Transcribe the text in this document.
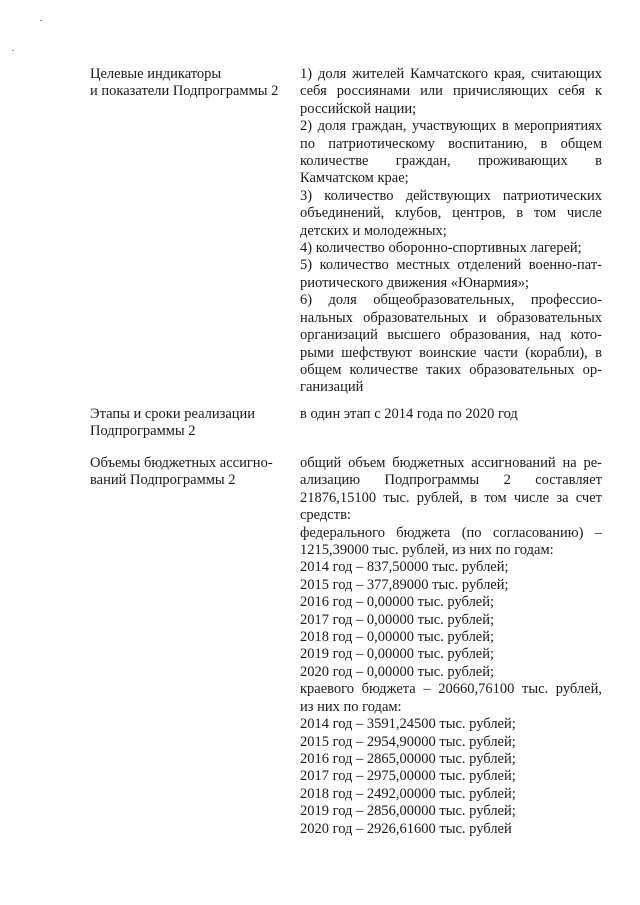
Целевые индикаторы
и показатели Подпрограммы 2
1) доля жителей Камчатского края, считающих
себя россиянами или причисляющих себя к
российской нации;
2) доля граждан, участвующих в мероприятиях
по патриотическому воспитанию, в общем
количестве граждан, проживающих в
Камчатском крае;
3) количество действующих патриотических
объединений, клубов, центров, в том числе
детских и молодежных;
4) количество оборонно-спортивных лагерей;
5) количество местных отделений военно-пат-
риотического движения «Юнармия»;
6) доля общеобразовательных, профессио-
нальных образовательных и образовательных
организаций высшего образования, над кото-
рыми шефствуют воинские части (корабли), в
общем количестве таких образовательных ор-
ганизаций
Этапы и сроки реализации
Подпрограммы 2
в один этап с 2014 года по 2020 год
Объемы бюджетных ассигно-
ваний Подпрограммы 2
общий объем бюджетных ассигнований на ре-
ализацию Подпрограммы 2 составляет
21876,15100 тыс. рублей, в том числе за счет
средств:
федерального бюджета (по согласованию) –
1215,39000 тыс. рублей, из них по годам:
2014 год – 837,50000 тыс. рублей;
2015 год – 377,89000 тыс. рублей;
2016 год – 0,00000 тыс. рублей;
2017 год – 0,00000 тыс. рублей;
2018 год – 0,00000 тыс. рублей;
2019 год – 0,00000 тыс. рублей;
2020 год – 0,00000 тыс. рублей;
краевого бюджета – 20660,76100 тыс. рублей,
из них по годам:
2014 год – 3591,24500 тыс. рублей;
2015 год – 2954,90000 тыс. рублей;
2016 год – 2865,00000 тыс. рублей;
2017 год – 2975,00000 тыс. рублей;
2018 год – 2492,00000 тыс. рублей;
2019 год – 2856,00000 тыс. рублей;
2020 год – 2926,61600 тыс. рублей
